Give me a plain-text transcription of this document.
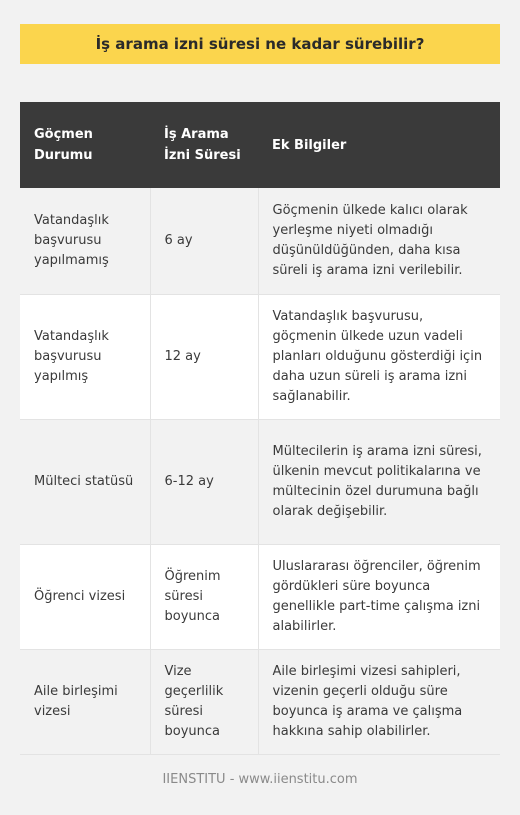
İş arama izni süresi ne kadar sürebilir?
Göçmen Durumu	İş Arama İzni Süresi	Ek Bilgiler
Vatandaşlık başvurusu yapılmamış	6 ay	Göçmenin ülkede kalıcı olarak yerleşme niyeti olmadığı düşünüldüğünden, daha kısa süreli iş arama izni verilebilir.
Vatandaşlık başvurusu yapılmış	12 ay	Vatandaşlık başvurusu, göçmenin ülkede uzun vadeli planları olduğunu gösterdiği için daha uzun süreli iş arama izni sağlanabilir.
Mülteci statüsü	6-12 ay	Mültecilerin iş arama izni süresi, ülkenin mevcut politikalarına ve mültecinin özel durumuna bağlı olarak değişebilir.
Öğrenci vizesi	Öğrenim süresi boyunca	Uluslararası öğrenciler, öğrenim gördükleri süre boyunca genellikle part-time çalışma izni alabilirler.
Aile birleşimi vizesi	Vize geçerlilik süresi boyunca	Aile birleşimi vizesi sahipleri, vizenin geçerli olduğu süre boyunca iş arama ve çalışma hakkına sahip olabilirler.
IIENSTITU - www.iienstitu.com
